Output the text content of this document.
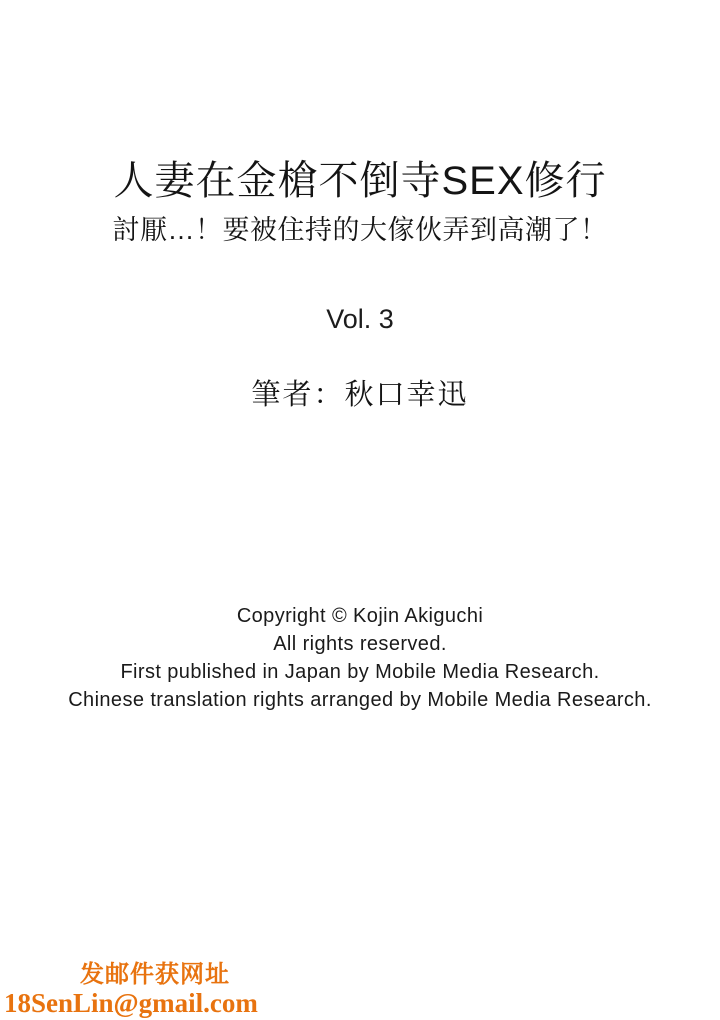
人妻在金槍不倒寺SEX修行
討厭…！要被住持的大傢伙弄到高潮了！
Vol. 3
筆者：秋口幸迅
Copyright © Kojin Akiguchi
All rights reserved.
First published in Japan by Mobile Media Research.
Chinese translation rights arranged by Mobile Media Research.
发邮件获网址
18SenLin@gmail.com
